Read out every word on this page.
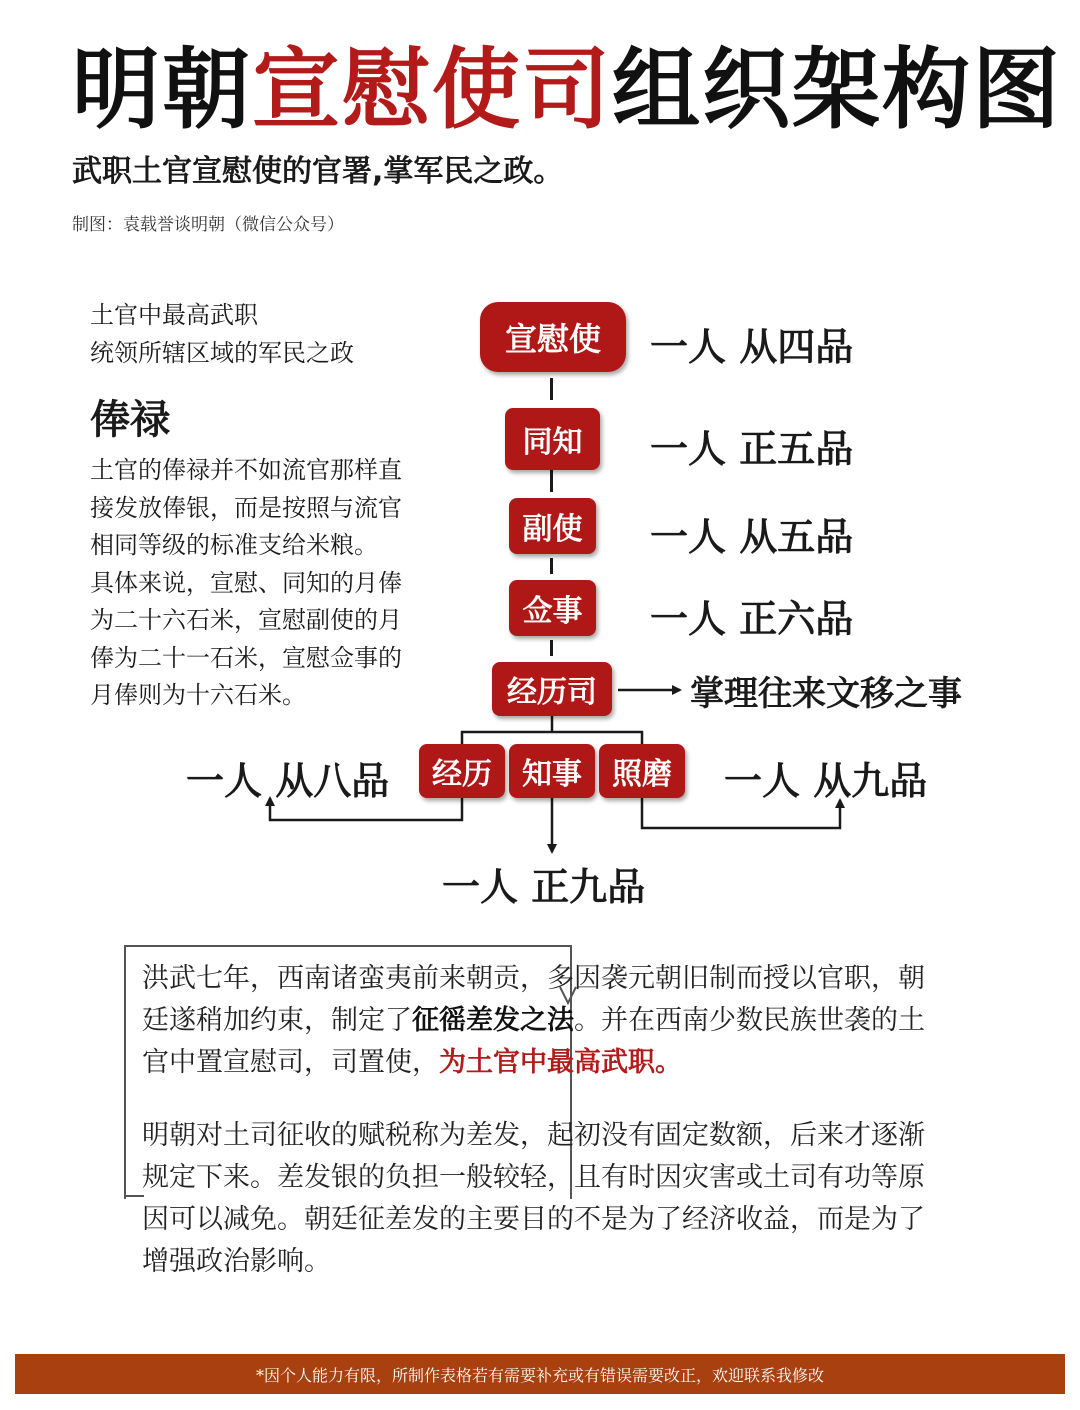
明朝宣慰使司组织架构图
武职土官宣慰使的官署,掌军民之政。
制图：袁载誉谈明朝（微信公众号）
土官中最高武职
统领所辖区域的军民之政
俸禄
土官的俸禄并不如流官那样直
接发放俸银，而是按照与流官
相同等级的标准支给米粮。
具体来说，宣慰、同知的月俸
为二十六石米，宣慰副使的月
俸为二十一石米，宣慰佥事的
月俸则为十六石米。
宣慰使
同知
副使
佥事
经历司
经历	知事	照磨
一人 从四品
一人 正五品
一人 从五品
一人 正六品
掌理往来文移之事
一人 从八品	一人 从九品
一人 正九品
洪武七年，西南诸蛮夷前来朝贡，多因袭元朝旧制而授以官职，朝廷遂稍加约束，制定了征徭差发之法。并在西南少数民族世袭的土官中置宣慰司，司置使，为土官中最高武职。
明朝对土司征收的赋税称为差发，起初没有固定数额，后来才逐渐规定下来。差发银的负担一般较轻，且有时因灾害或土司有功等原因可以减免。朝廷征差发的主要目的不是为了经济收益，而是为了增强政治影响。
*因个人能力有限，所制作表格若有需要补充或有错误需要改正，欢迎联系我修改
